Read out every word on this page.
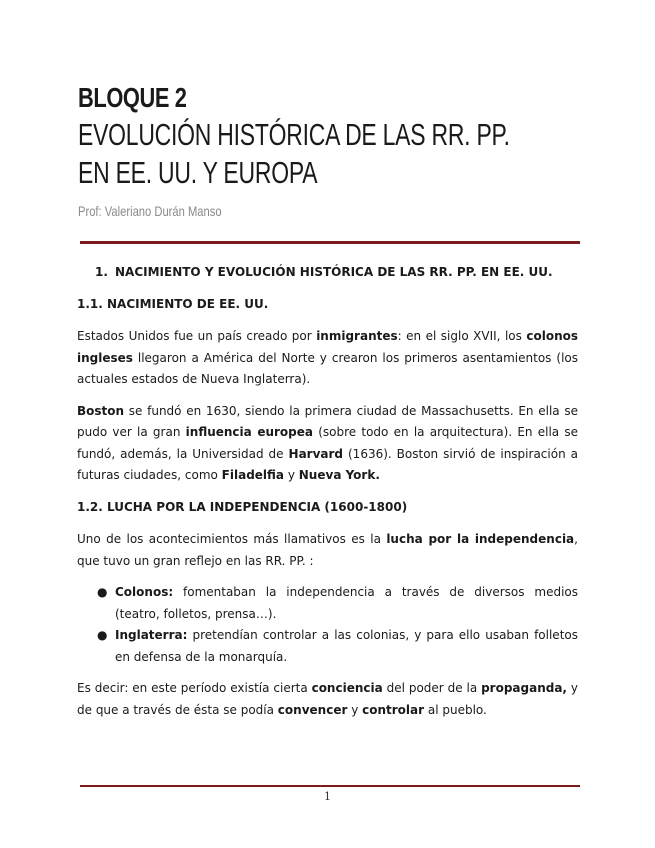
BLOQUE 2
EVOLUCIÓN HISTÓRICA DE LAS RR. PP.
EN EE. UU. Y EUROPA
Prof: Valeriano Durán Manso
1. NACIMIENTO Y EVOLUCIÓN HISTÓRICA DE LAS RR. PP. EN EE. UU.
1.1. NACIMIENTO DE EE. UU.

Estados Unidos fue un país creado por inmigrantes: en el siglo XVII, los colonos ingleses llegaron a América del Norte y crearon los primeros asentamientos (los actuales estados de Nueva Inglaterra).

Boston se fundó en 1630, siendo la primera ciudad de Massachusetts. En ella se pudo ver la gran influencia europea (sobre todo en la arquitectura). En ella se fundó, además, la Universidad de Harvard (1636). Boston sirvió de inspiración a futuras ciudades, como Filadelfia y Nueva York.

1.2. LUCHA POR LA INDEPENDENCIA (1600-1800)

Uno de los acontecimientos más llamativos es la lucha por la independencia, que tuvo un gran reflejo en las RR. PP. :

● Colonos: fomentaban la independencia a través de diversos medios (teatro, folletos, prensa…).
● Inglaterra: pretendían controlar a las colonias, y para ello usaban folletos en defensa de la monarquía.

Es decir: en este período existía cierta conciencia del poder de la propaganda, y de que a través de ésta se podía convencer y controlar al pueblo.

1
